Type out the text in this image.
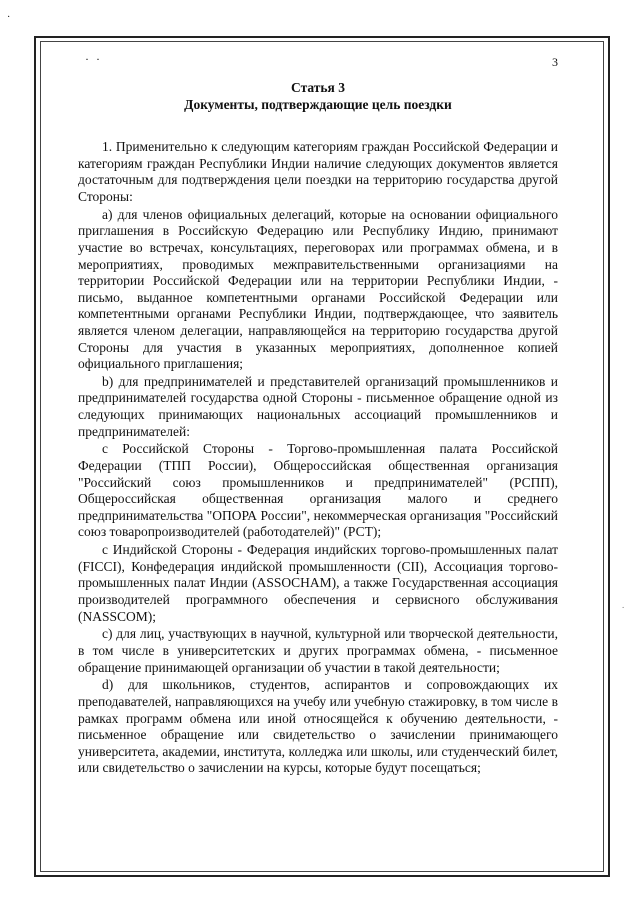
·
· ·	3
.
Статья 3
Документы, подтверждающие цель поездки

1. Применительно к следующим категориям граждан Российской Федерации и категориям граждан Республики Индии наличие следующих документов является достаточным для подтверждения цели поездки на территорию государства другой Стороны:

а) для членов официальных делегаций, которые на основании официального приглашения в Российскую Федерацию или Республику Индию, принимают участие во встречах, консультациях, переговорах или программах обмена, и в мероприятиях, проводимых межправительственными организациями на территории Российской Федерации или на территории Республики Индии, - письмо, выданное компетентными органами Российской Федерации или компетентными органами Республики Индии, подтверждающее, что заявитель является членом делегации, направляющейся на территорию государства другой Стороны для участия в указанных мероприятиях, дополненное копией официального приглашения;

b) для предпринимателей и представителей организаций промышленников и предпринимателей государства одной Стороны - письменное обращение одной из следующих принимающих национальных ассоциаций промышленников и предпринимателей:

с Российской Стороны - Торгово-промышленная палата Российской Федерации (ТПП России), Общероссийская общественная организация "Российский союз промышленников и предпринимателей" (РСПП), Общероссийская общественная организация малого и среднего предпринимательства "ОПОРА России", некоммерческая организация "Российский союз товаропроизводителей (работодателей)" (РСТ);

с Индийской Стороны - Федерация индийских торгово-промышленных палат (FICCI), Конфедерация индийской промышленности (СII), Ассоциация торгово-промышленных палат Индии (ASSOCHAM), а также Государственная ассоциация производителей программного обеспечения и сервисного обслуживания (NASSCOM);

с) для лиц, участвующих в научной, культурной или творческой деятельности, в том числе в университетских и других программах обмена, - письменное обращение принимающей организации об участии в такой деятельности;

d) для школьников, студентов, аспирантов и сопровождающих их преподавателей, направляющихся на учебу или учебную стажировку, в том числе в рамках программ обмена или иной относящейся к обучению деятельности, - письменное обращение или свидетельство о зачислении принимающего университета, академии, института, колледжа или школы, или студенческий билет, или свидетельство о зачислении на курсы, которые будут посещаться;
